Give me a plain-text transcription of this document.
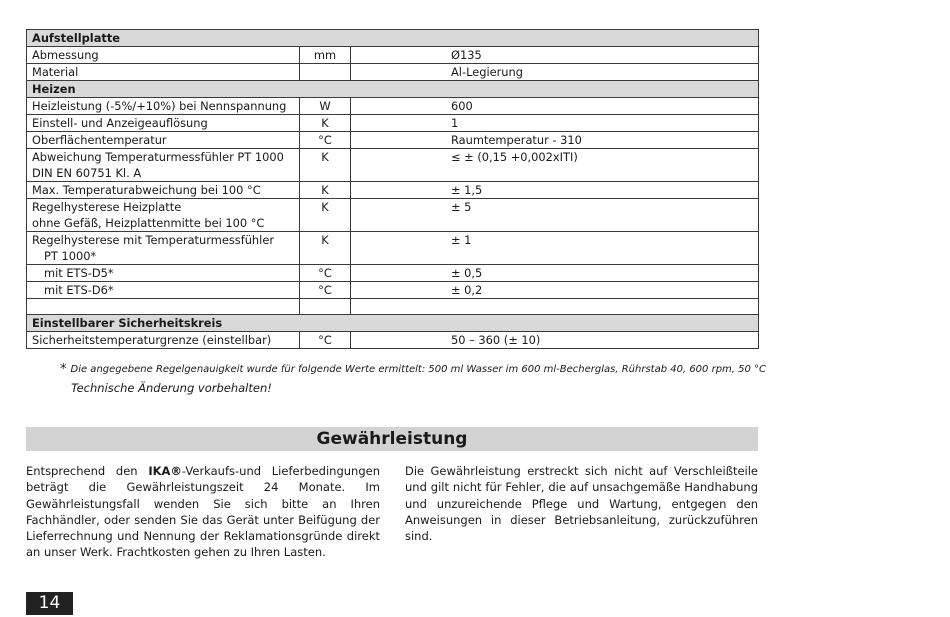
Aufstellplatte		

Abmessung	mm	Ø135

Material		Al-Legierung
Heizen		

Heizleistung (-5%/+10%) bei Nennspannung	W	600

Einstell- und Anzeigeauflösung	K	1

Oberflächentemperatur	°C	Raumtemperatur - 310

Abweichung Temperaturmessfühler PT 1000
DIN EN 60751 Kl. A	K	≤ ± (0,15 +0,002xITI)

Max. Temperaturabweichung bei 100 °C	K	± 1,5

Regelhysterese Heizplatte
ohne Gefäß, Heizplattenmitte bei 100 °C	K	± 5

Regelhysterese mit Temperaturmessfühler
PT 1000*	K	± 1

mit ETS-D5*	°C	± 0,5

mit ETS-D6*	°C	± 0,2

Einstellbarer Sicherheitskreis		

Sicherheitstemperaturgrenze (einstellbar)	°C	50 – 360 (± 10)
* Die angegebene Regelgenauigkeit wurde für folgende Werte ermittelt: 500 ml Wasser im 600 ml-Becherglas, Rührstab 40, 600 rpm, 50 °C
Technische Änderung vorbehalten!
Gewährleistung
Entsprechend den IKA®-Verkaufs-und Lieferbedingungen beträgt die Gewährleistungszeit 24 Monate. Im Gewährleistungsfall wenden Sie sich bitte an Ihren Fachhändler, oder senden Sie das Gerät unter Beifügung der Lieferrechnung und Nennung der Reklamationsgründe direkt an unser Werk. Frachtkosten gehen zu Ihren Lasten.
Die Gewährleistung erstreckt sich nicht auf Verschleißteile und gilt nicht für Fehler, die auf unsachgemäße Handhabung und unzureichende Pflege und Wartung, entgegen den Anweisungen in dieser Betriebsanleitung, zurückzuführen sind.
14
